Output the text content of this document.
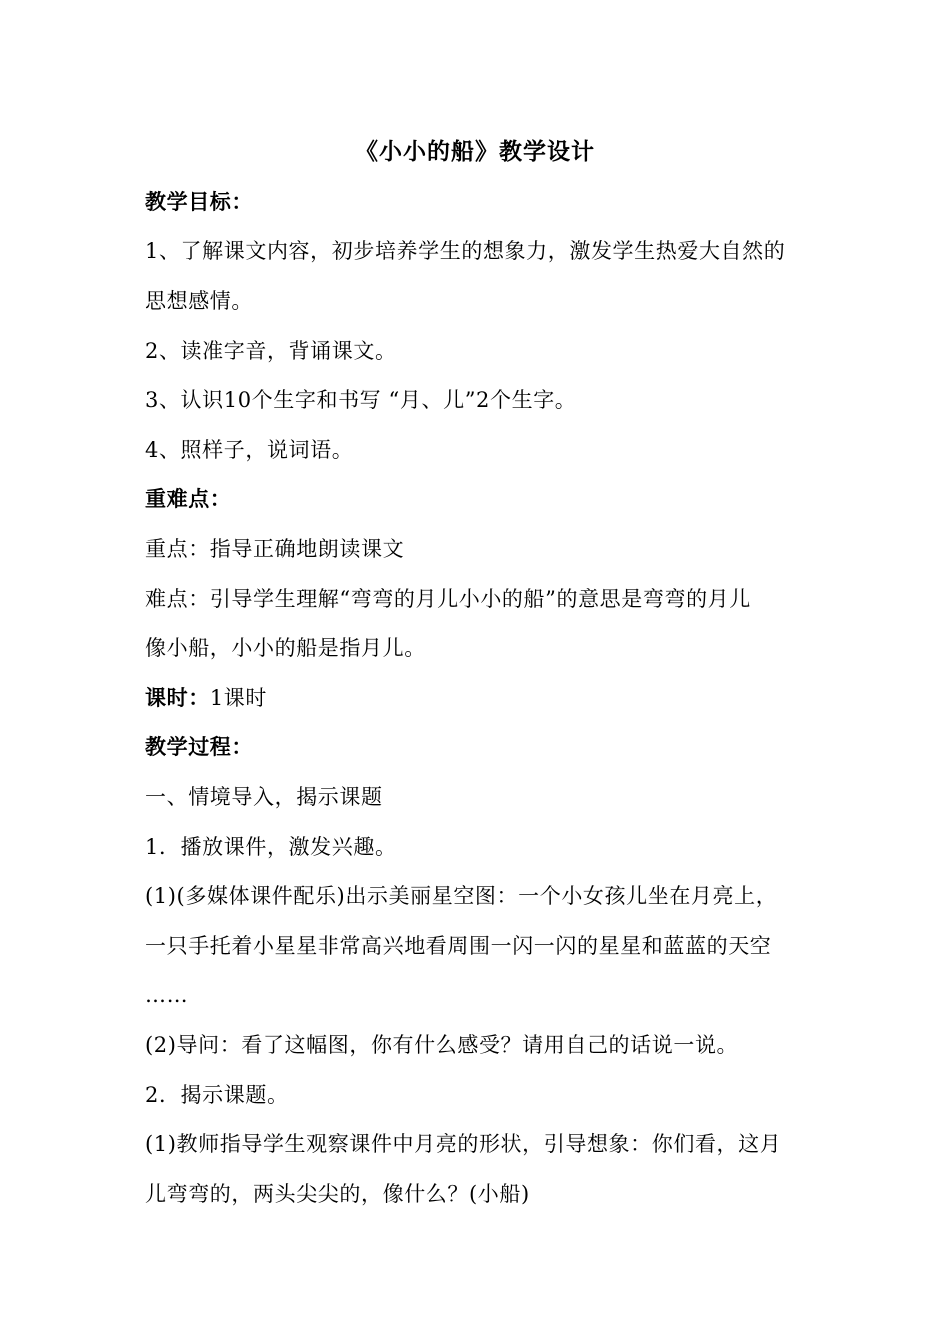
《小小的船》教学设计
教学目标：
1、了解课文内容，初步培养学生的想象力，激发学生热爱大自然的
思想感情。
2、读准字音，背诵课文。
3、认识10个生字和书写 “月、儿”2个生字。
4、照样子，说词语。
重难点：
重点：指导正确地朗读课文
难点：引导学生理解“弯弯的月儿小小的船”的意思是弯弯的月儿
像小船，小小的船是指月儿。
课时：1课时
教学过程：
一、情境导入，揭示课题
1．播放课件，激发兴趣。
(1)(多媒体课件配乐)出示美丽星空图：一个小女孩儿坐在月亮上，
一只手托着小星星非常高兴地看周围一闪一闪的星星和蓝蓝的天空
……
(2)导问：看了这幅图，你有什么感受？请用自己的话说一说。
2．揭示课题。
(1)教师指导学生观察课件中月亮的形状，引导想象：你们看，这月
儿弯弯的，两头尖尖的，像什么？(小船)
